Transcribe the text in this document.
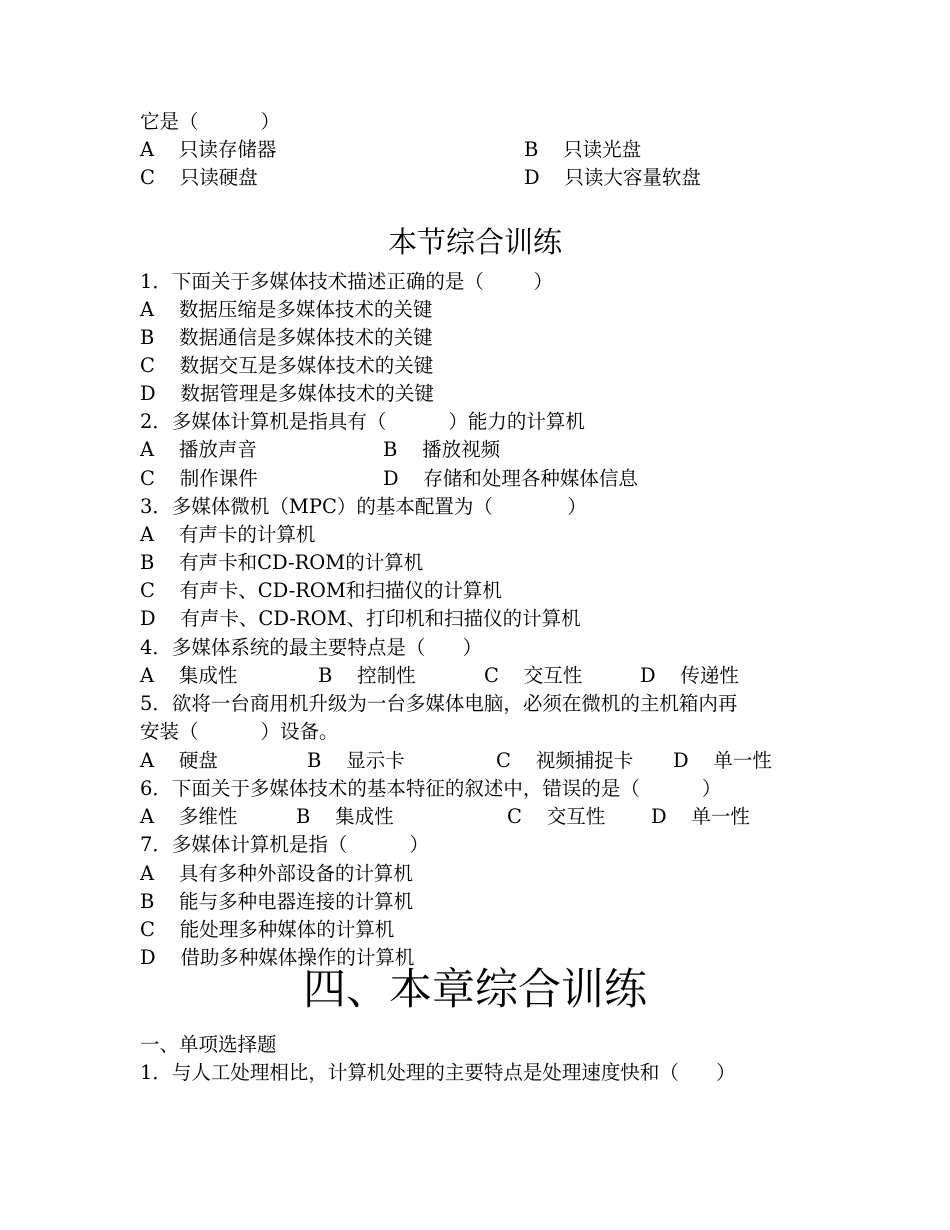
它是（          ）
A    只读存储器	B    只读光盘
C    只读硬盘	D    只读大容量软盘
本节综合训练
1．下面关于多媒体技术描述正确的是（        ）
A    数据压缩是多媒体技术的关键
B    数据通信是多媒体技术的关键
C    数据交互是多媒体技术的关键
D    数据管理是多媒体技术的关键
2．多媒体计算机是指具有（          ）能力的计算机
A    播放声音	B    播放视频
C    制作课件	D    存储和处理各种媒体信息
3．多媒体微机（MPC）的基本配置为（            ）
A    有声卡的计算机
B    有声卡和CD-ROM的计算机
C    有声卡、CD-ROM和扫描仪的计算机
D    有声卡、CD-ROM、打印机和扫描仪的计算机
4．多媒体系统的最主要特点是（      ）
A    集成性	B    控制性	C    交互性	D    传递性
5．欲将一台商用机升级为一台多媒体电脑，必须在微机的主机箱内再
安装（          ）设备。
A    硬盘	B    显示卡	C    视频捕捉卡 D    单一性
6．下面关于多媒体技术的基本特征的叙述中，错误的是（          ）
A    多维性	B    集成性	C    交互性 D    单一性
7．多媒体计算机是指（          ）
A    具有多种外部设备的计算机
B    能与多种电器连接的计算机
C    能处理多种媒体的计算机
D    借助多种媒体操作的计算机
四、本章综合训练
一、单项选择题
1．与人工处理相比，计算机处理的主要特点是处理速度快和（      ）
